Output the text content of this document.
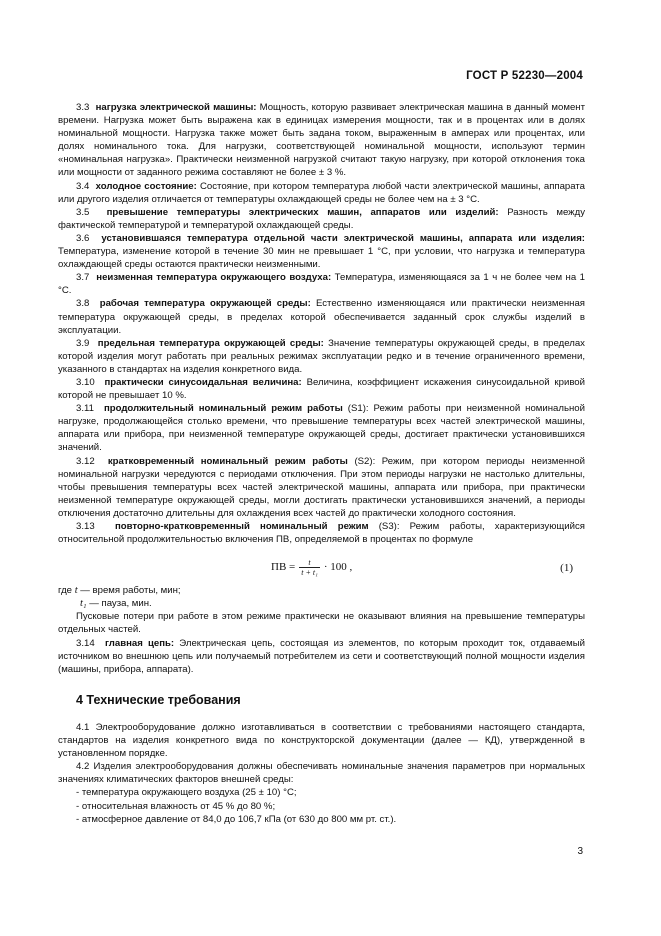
ГОСТ Р 52230—2004

3.3 нагрузка электрической машины: Мощность, которую развивает электрическая машина в данный момент времени. Нагрузка может быть выражена как в единицах измерения мощности, так и в процентах или в долях номинальной мощности. Нагрузка также может быть задана током, выраженным в амперах или процентах, или долях номинального тока. Для нагрузки, соответствующей номинальной мощности, используют термин «номинальная нагрузка». Практически неизменной нагрузкой считают такую нагрузку, при которой отклонения тока или мощности от заданного режима составляют не более ± 3 %.

3.4 холодное состояние: Состояние, при котором температура любой части электрической машины, аппарата или другого изделия отличается от температуры охлаждающей среды не более чем на ± 3 °С.

3.5 превышение температуры электрических машин, аппаратов или изделий: Разность между фактической температурой и температурой охлаждающей среды.

3.6 установившаяся температура отдельной части электрической машины, аппарата или изделия: Температура, изменение которой в течение 30 мин не превышает 1 °С, при условии, что нагрузка и температура охлаждающей среды остаются практически неизменными.

3.7 неизменная температура окружающего воздуха: Температура, изменяющаяся за 1 ч не более чем на 1 °С.

3.8 рабочая температура окружающей среды: Естественно изменяющаяся или практически неизменная температура окружающей среды, в пределах которой обеспечивается заданный срок службы изделий в эксплуатации.

3.9 предельная температура окружающей среды: Значение температуры окружающей среды, в пределах которой изделия могут работать при реальных режимах эксплуатации редко и в течение ограниченного времени, указанного в стандартах на изделия конкретного вида.

3.10 практически синусоидальная величина: Величина, коэффициент искажения синусоидальной кривой которой не превышает 10 %.

3.11 продолжительный номинальный режим работы (S1): Режим работы при неизменной номинальной нагрузке, продолжающейся столько времени, что превышение температуры всех частей электрической машины, аппарата или прибора, при неизменной температуре окружающей среды, достигает практически установившихся значений.

3.12 кратковременный номинальный режим работы (S2): Режим, при котором периоды неизменной номинальной нагрузки чередуются с периодами отключения. При этом периоды нагрузки не настолько длительны, чтобы превышения температуры всех частей электрической машины, аппарата или прибора, при практически неизменной температуре окружающей среды, могли достигать практически установившихся значений, а периоды отключения достаточно длительны для охлаждения всех частей до практически холодного состояния.

3.13 повторно-кратковременный номинальный режим (S3): Режим работы, характеризующийся относительной продолжительностью включения ПВ, определяемой в процентах по формуле

ПВ = $\frac{t}{\text{t + t₁}} \cdot 100$ ,	(1)

где t — время работы, мин;

t₁ — пауза, мин.

Пусковые потери при работе в этом режиме практически не оказывают влияния на превышение температуры отдельных частей.

3.14 главная цепь: Электрическая цепь, состоящая из элементов, по которым проходит ток, отдаваемый источником во внешнюю цепь или получаемый потребителем из сети и соответствующий полной мощности изделия (машины, прибора, аппарата).

4 Технические требования

4.1 Электрооборудование должно изготавливаться в соответствии с требованиями настоящего стандарта, стандартов на изделия конкретного вида по конструкторской документации (далее — КД), утвержденной в установленном порядке.

4.2 Изделия электрооборудования должны обеспечивать номинальные значения параметров при нормальных значениях климатических факторов внешней среды:

- температура окружающего воздуха (25 ± 10) °С;

- относительная влажность от 45 % до 80 %;

- атмосферное давление от 84,0 до 106,7 кПа (от 630 до 800 мм рт. ст.).

3
